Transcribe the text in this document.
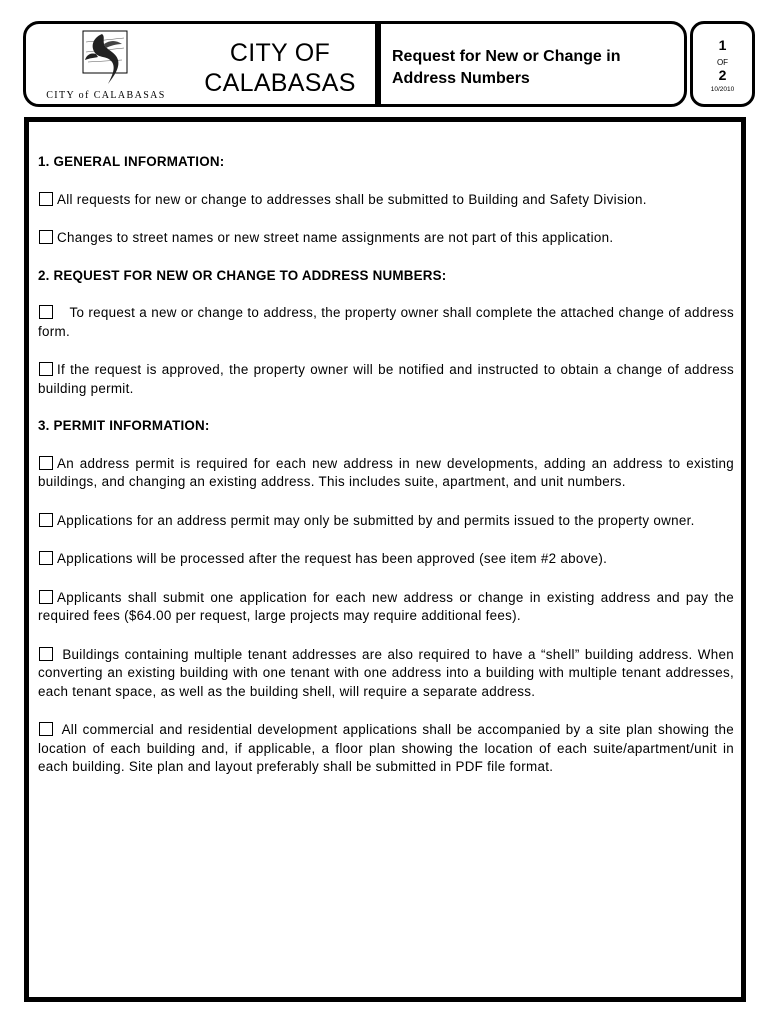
CITY of CALABASAS
CITY OF
CALABASAS
Request for New or Change in
Address Numbers
1
OF
2
10/2010
1. GENERAL INFORMATION:
All requests for new or change to addresses shall be submitted to Building and Safety Division.
Changes to street names or new street name assignments are not part of this application.
2. REQUEST FOR NEW OR CHANGE TO ADDRESS NUMBERS:
To request a new or change to address, the property owner shall complete the attached change of address form.
If the request is approved, the property owner will be notified and instructed to obtain a change of address building permit.
3. PERMIT INFORMATION:
An address permit is required for each new address in new developments, adding an address to existing buildings, and changing an existing address. This includes suite, apartment, and unit numbers.
Applications for an address permit may only be submitted by and permits issued to the property owner.
Applications will be processed after the request has been approved (see item #2 above).
Applicants shall submit one application for each new address or change in existing address and pay the required fees ($64.00 per request, large projects may require additional fees).
Buildings containing multiple tenant addresses are also required to have a “shell” building address. When converting an existing building with one tenant with one address into a building with multiple tenant addresses, each tenant space, as well as the building shell, will require a separate address.
All commercial and residential development applications shall be accompanied by a site plan showing the location of each building and, if applicable, a floor plan showing the location of each suite/apartment/unit in each building. Site plan and layout preferably shall be submitted in PDF file format.
